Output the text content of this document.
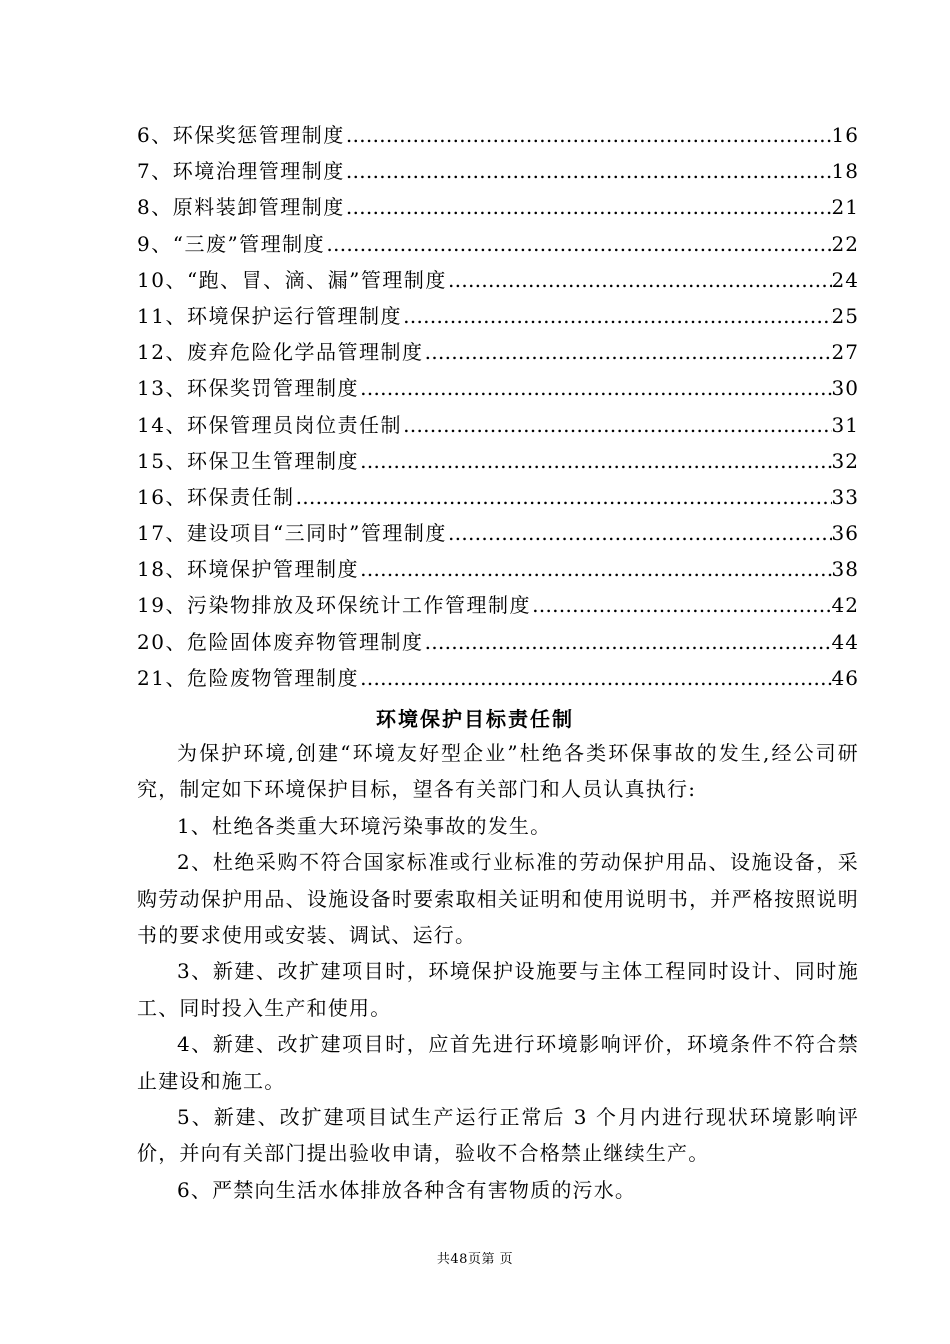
6、环保奖惩管理制度 …………………………………………………………………………………………………………………………………………	16
7、环境治理管理制度 …………………………………………………………………………………………………………………………………………	18
8、原料装卸管理制度 …………………………………………………………………………………………………………………………………………	21
9、“三废”管理制度 …………………………………………………………………………………………………………………………………………	22
10、“跑、冒、滴、漏”管理制度 …………………………………………………………………………………………………………………………………………	24
11、环境保护运行管理制度 …………………………………………………………………………………………………………………………………………	25
12、废弃危险化学品管理制度 …………………………………………………………………………………………………………………………………………	27
13、环保奖罚管理制度 …………………………………………………………………………………………………………………………………………	30
14、环保管理员岗位责任制 …………………………………………………………………………………………………………………………………………	31
15、环保卫生管理制度 …………………………………………………………………………………………………………………………………………	32
16、环保责任制 …………………………………………………………………………………………………………………………………………	33
17、建设项目“三同时”管理制度 …………………………………………………………………………………………………………………………………………	36
18、环境保护管理制度 …………………………………………………………………………………………………………………………………………	38
19、污染物排放及环保统计工作管理制度 …………………………………………………………………………………………………………………………………………	42
20、危险固体废弃物管理制度 …………………………………………………………………………………………………………………………………………	44
21、危险废物管理制度 …………………………………………………………………………………………………………………………………………	46
环境保护目标责任制

为保护环境,创建“环境友好型企业”杜绝各类环保事故的发生,经公司研究，制定如下环境保护目标，望各有关部门和人员认真执行:

1、杜绝各类重大环境污染事故的发生。

2、杜绝采购不符合国家标准或行业标准的劳动保护用品、设施设备，采购劳动保护用品、设施设备时要索取相关证明和使用说明书，并严格按照说明书的要求使用或安装、调试、运行。

3、新建、改扩建项目时，环境保护设施要与主体工程同时设计、同时施工、同时投入生产和使用。

4、新建、改扩建项目时，应首先进行环境影响评价，环境条件不符合禁止建设和施工。

5、新建、改扩建项目试生产运行正常后 3 个月内进行现状环境影响评价，并向有关部门提出验收申请，验收不合格禁止继续生产。

6、严禁向生活水体排放各种含有害物质的污水。

共48页第 页
